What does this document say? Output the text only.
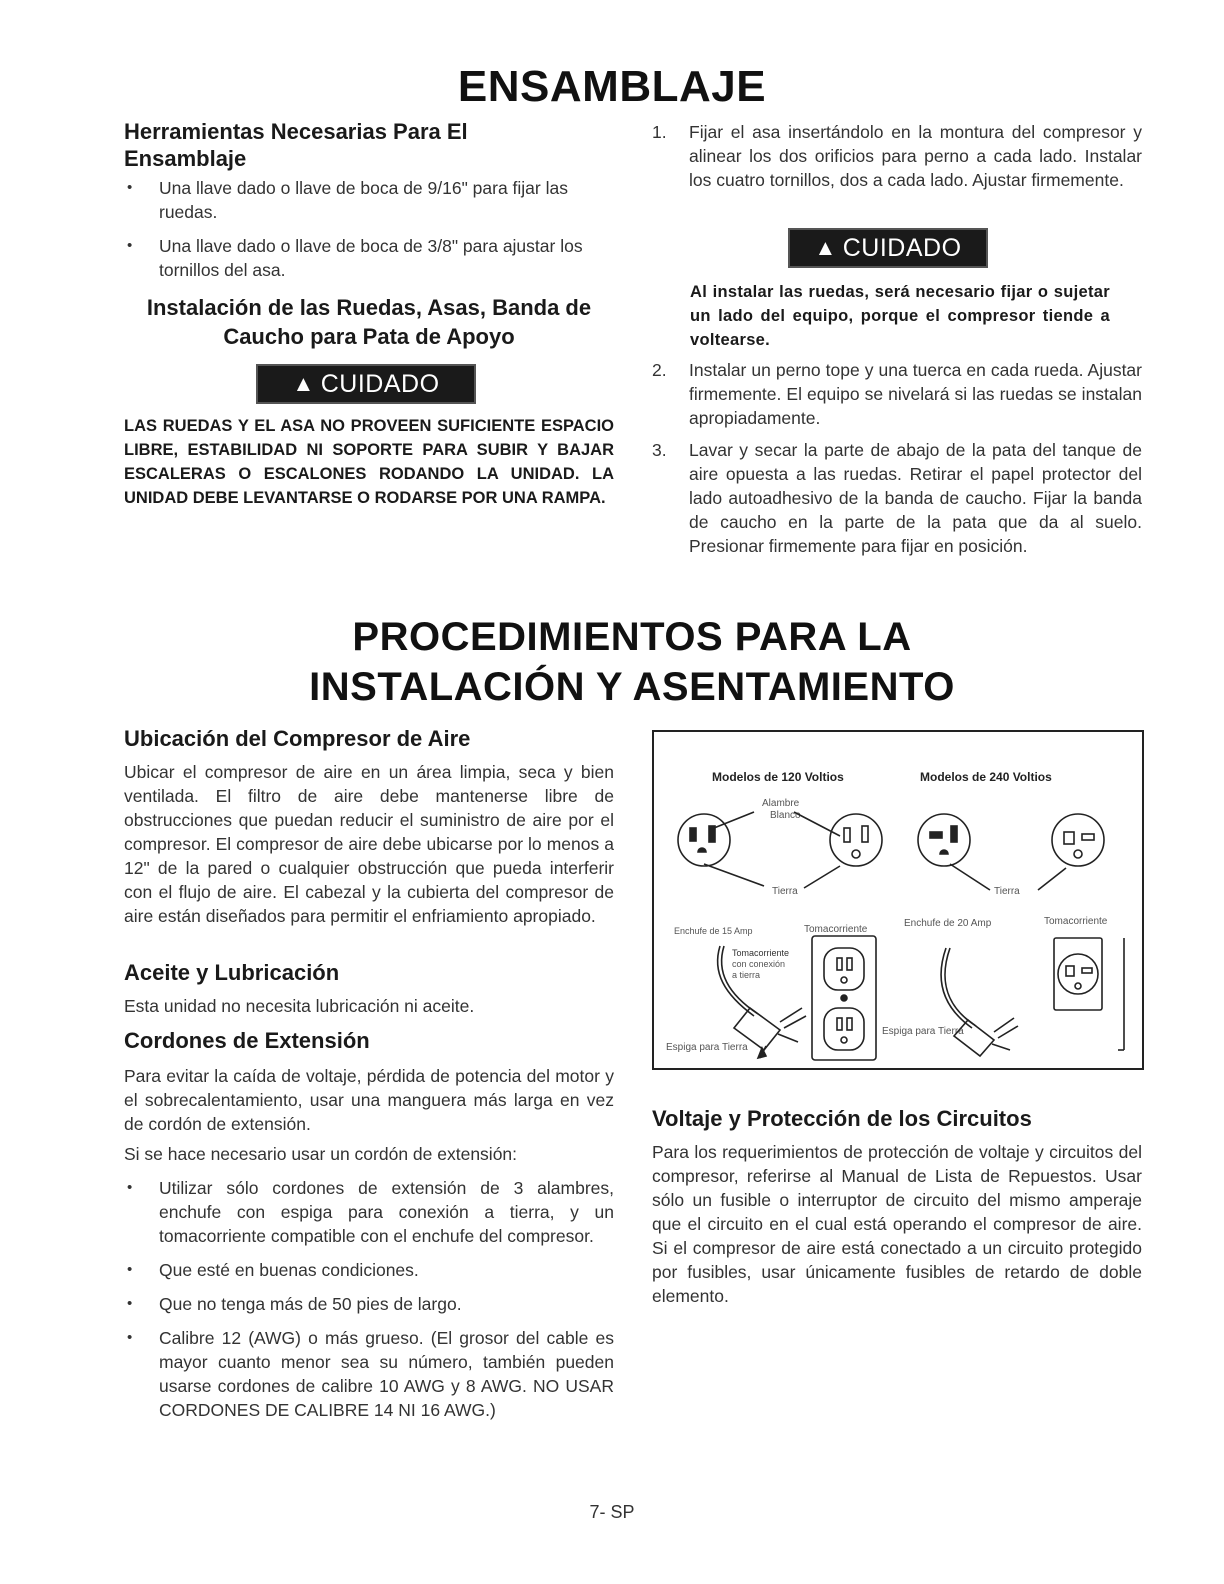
ENSAMBLAJE
Herramientas Necesarias Para El Ensamblaje
• Una llave dado o llave de boca de 9/16" para fijar las ruedas.
• Una llave dado o llave de boca de 3/8" para ajustar los tornillos del asa.
Instalación de las Ruedas, Asas, Banda de
Caucho para Pata de Apoyo
▲ CUIDADO
LAS RUEDAS Y EL ASA NO PROVEEN SUFICIENTE ESPACIO LIBRE, ESTABILIDAD NI SOPORTE PARA SUBIR Y BAJAR ESCALERAS O ESCALONES RODANDO LA UNIDAD. LA UNIDAD DEBE LEVANTARSE O RODARSE POR UNA RAMPA.
1. Fijar el asa insertándolo en la montura del compresor y alinear los dos orificios para perno a cada lado. Instalar los cuatro tornillos, dos a cada lado. Ajustar firmemente.
▲ CUIDADO
Al instalar las ruedas, será necesario fijar o sujetar un lado del equipo, porque el compresor tiende a voltearse.
2. Instalar un perno tope y una tuerca en cada rueda. Ajustar firmemente. El equipo se nivelará si las ruedas se instalan apropiadamente.
3. Lavar y secar la parte de abajo de la pata del tanque de aire opuesta a las ruedas. Retirar el papel protector del lado autoadhesivo de la banda de caucho. Fijar la banda de caucho en la parte de la pata que da al suelo. Presionar firmemente para fijar en posición.
PROCEDIMIENTOS PARA LA
INSTALACIÓN Y ASENTAMIENTO
Ubicación del Compresor de Aire
Ubicar el compresor de aire en un área limpia, seca y bien ventilada. El filtro de aire debe mantenerse libre de obstrucciones que puedan reducir el suministro de aire por el compresor. El compresor de aire debe ubicarse por lo menos a 12" de la pared o cualquier obstrucción que pueda interferir con el flujo de aire. El cabezal y la cubierta del compresor de aire están diseñados para permitir el enfriamiento apropiado.
Aceite y Lubricación
Esta unidad no necesita lubricación ni aceite.
Cordones de Extensión
Para evitar la caída de voltaje, pérdida de potencia del motor y el sobrecalentamiento, usar una manguera más larga en vez de cordón de extensión.
Si se hace necesario usar un cordón de extensión:
• Utilizar sólo cordones de extensión de 3 alambres, enchufe con espiga para conexión a tierra, y un tomacorriente compatible con el enchufe del compresor.
• Que esté en buenas condiciones.
• Que no tenga más de 50 pies de largo.
• Calibre 12 (AWG) o más grueso. (El grosor del cable es mayor cuanto menor sea su número, también pueden usarse cordones de calibre 10 AWG y 8 AWG. NO USAR CORDONES DE CALIBRE 14 NI 16 AWG.)
Modelos de 120 Voltios	Modelos de 240 Voltios
Alambre
Blanco
Tierra	Tierra
Enchufe de 15 Amp	Tomacorriente
Enchufe de 20 Amp	Tomacorriente
Tomacorriente
con conexión
a tierra
Espiga para Tierra
Espiga para Tierra
Voltaje y Protección de los Circuitos
Para los requerimientos de protección de voltaje y circuitos del compresor, referirse al Manual de Lista de Repuestos. Usar sólo un fusible o interruptor de circuito del mismo amperaje que el circuito en el cual está operando el compresor de aire. Si el compresor de aire está conectado a un circuito protegido por fusibles, usar únicamente fusibles de retardo de doble elemento.
7- SP
